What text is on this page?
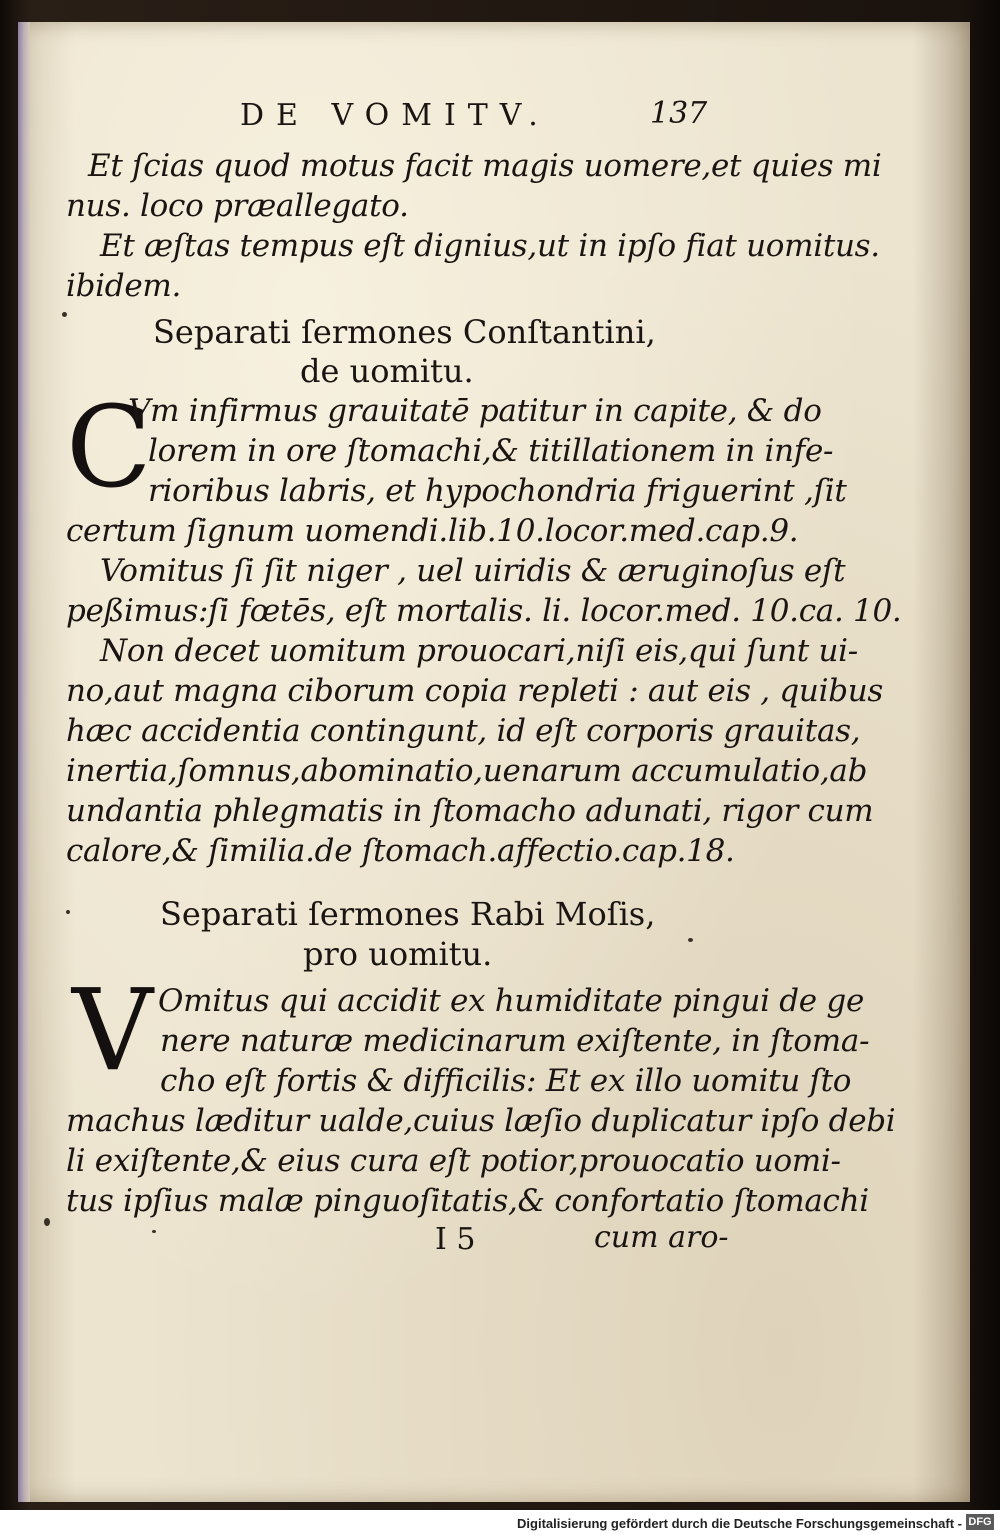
DE VOMITV.	137
Et ſcias quod motus facit magis uomere,et quies mi
nus. loco præallegato.
Et æſtas tempus eſt dignius,ut in ipſo fiat uomitus.
ibidem.
Separati ſermones Conſtantini,
de uomitu.
C
Vm infirmus grauitatē patitur in capite, & do
lorem in ore ſtomachi,& titillationem in infe-
rioribus labris, et hypochondria friguerint ,ſit
certum ſignum uomendi.lib.10.locor.med.cap.9.
Vomitus ſi ſit niger , uel uiridis & æruginoſus eſt
peßimus:ſi fœtēs, eſt mortalis. li. locor.med. 10.ca. 10.
Non decet uomitum prouocari,niſi eis,qui ſunt ui-
no,aut magna ciborum copia repleti : aut eis , quibus
hæc accidentia contingunt, id eſt corporis grauitas,
inertia,ſomnus,abominatio,uenarum accumulatio,ab
undantia phlegmatis in ſtomacho adunati, rigor cum
calore,& ſimilia.de ſtomach.affectio.cap.18.
Separati ſermones Rabi Moſis,
pro uomitu.
V Omitus qui accidit ex humiditate pingui de ge
nere naturæ medicinarum exiſtente, in ſtoma-
cho eſt fortis & difficilis: Et ex illo uomitu ſto
machus læditur ualde,cuius læſio duplicatur ipſo debi
li exiſtente,& eius cura eſt potior,prouocatio uomi-
tus ipſius malæ pinguoſitatis,& confortatio ſtomachi
I 5	cum aro-
Digitalisierung gefördert durch die Deutsche Forschungsgemeinschaft - DFG
